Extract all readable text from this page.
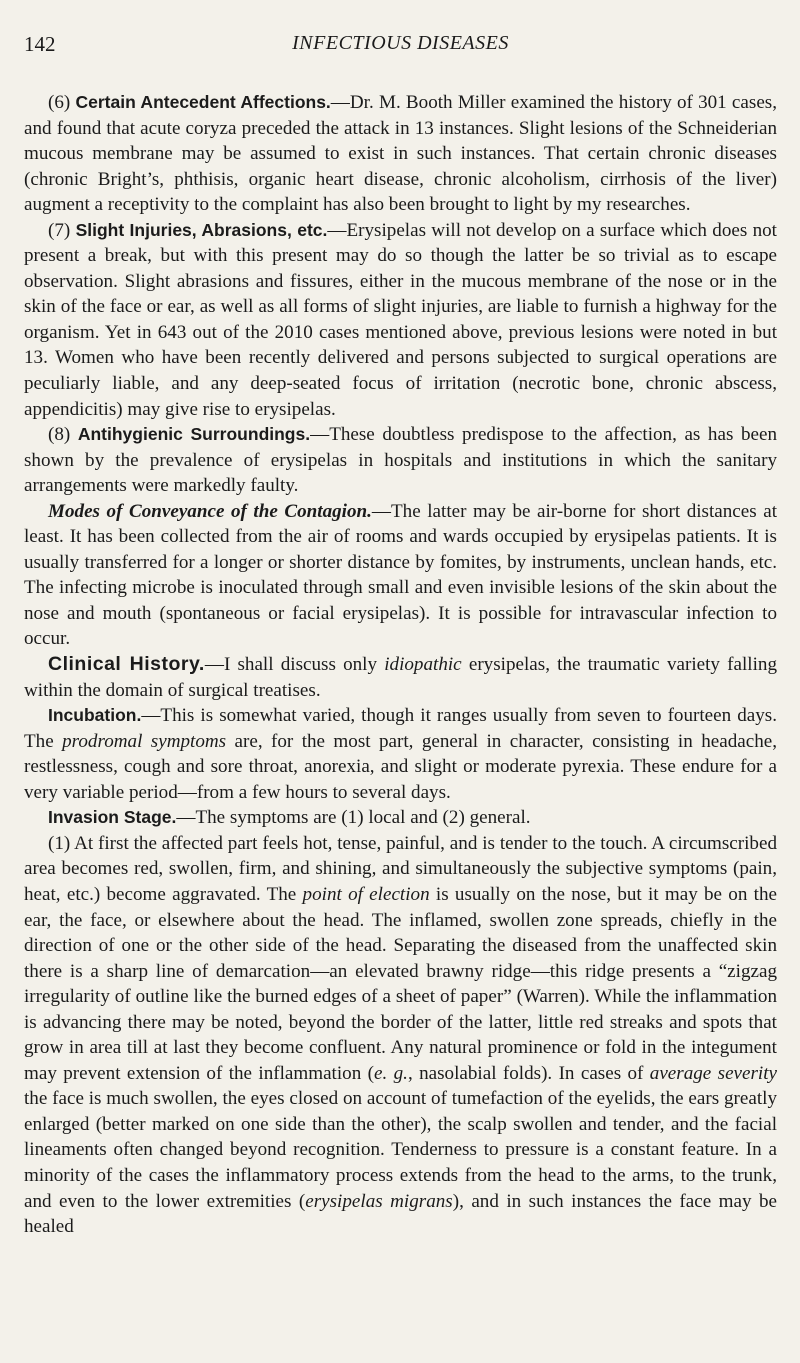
142	INFECTIOUS DISEASES

(6) Certain Antecedent Affections.—Dr. M. Booth Miller examined the history of 301 cases, and found that acute coryza preceded the attack in 13 instances. Slight lesions of the Schneiderian mucous membrane may be assumed to exist in such instances. That certain chronic diseases (chronic Bright’s, phthisis, organic heart disease, chronic alcoholism, cirrhosis of the liver) augment a receptivity to the complaint has also been brought to light by my researches.

(7) Slight Injuries, Abrasions, etc.—Erysipelas will not develop on a surface which does not present a break, but with this present may do so though the latter be so trivial as to escape observation. Slight abrasions and fissures, either in the mucous membrane of the nose or in the skin of the face or ear, as well as all forms of slight injuries, are liable to furnish a highway for the organism. Yet in 643 out of the 2010 cases mentioned above, previous lesions were noted in but 13. Women who have been recently delivered and persons subjected to surgical operations are peculiarly liable, and any deep-seated focus of irritation (necrotic bone, chronic abscess, appendicitis) may give rise to erysipelas.

(8) Antihygienic Surroundings.—These doubtless predispose to the affection, as has been shown by the prevalence of erysipelas in hospitals and institutions in which the sanitary arrangements were markedly faulty.

Modes of Conveyance of the Contagion.—The latter may be air-borne for short distances at least. It has been collected from the air of rooms and wards occupied by erysipelas patients. It is usually transferred for a longer or shorter distance by fomites, by instruments, unclean hands, etc. The infecting microbe is inoculated through small and even invisible lesions of the skin about the nose and mouth (spontaneous or facial erysipelas). It is possible for intravascular infection to occur.

Clinical History.—I shall discuss only idiopathic erysipelas, the traumatic variety falling within the domain of surgical treatises.

Incubation.—This is somewhat varied, though it ranges usually from seven to fourteen days. The prodromal symptoms are, for the most part, general in character, consisting in headache, restlessness, cough and sore throat, anorexia, and slight or moderate pyrexia. These endure for a very variable period—from a few hours to several days.

Invasion Stage.—The symptoms are (1) local and (2) general.

(1) At first the affected part feels hot, tense, painful, and is tender to the touch. A circumscribed area becomes red, swollen, firm, and shining, and simultaneously the subjective symptoms (pain, heat, etc.) become aggravated. The point of election is usually on the nose, but it may be on the ear, the face, or elsewhere about the head. The inflamed, swollen zone spreads, chiefly in the direction of one or the other side of the head. Separating the diseased from the unaffected skin there is a sharp line of demarcation—an elevated brawny ridge—this ridge presents a “zigzag irregularity of outline like the burned edges of a sheet of paper” (Warren). While the inflammation is advancing there may be noted, beyond the border of the latter, little red streaks and spots that grow in area till at last they become confluent. Any natural prominence or fold in the integument may prevent extension of the inflammation (e. g., nasolabial folds). In cases of average severity the face is much swollen, the eyes closed on account of tumefaction of the eyelids, the ears greatly enlarged (better marked on one side than the other), the scalp swollen and tender, and the facial lineaments often changed beyond recognition. Tenderness to pressure is a constant feature. In a minority of the cases the inflammatory process extends from the head to the arms, to the trunk, and even to the lower extremities (erysipelas migrans), and in such instances the face may be healed
